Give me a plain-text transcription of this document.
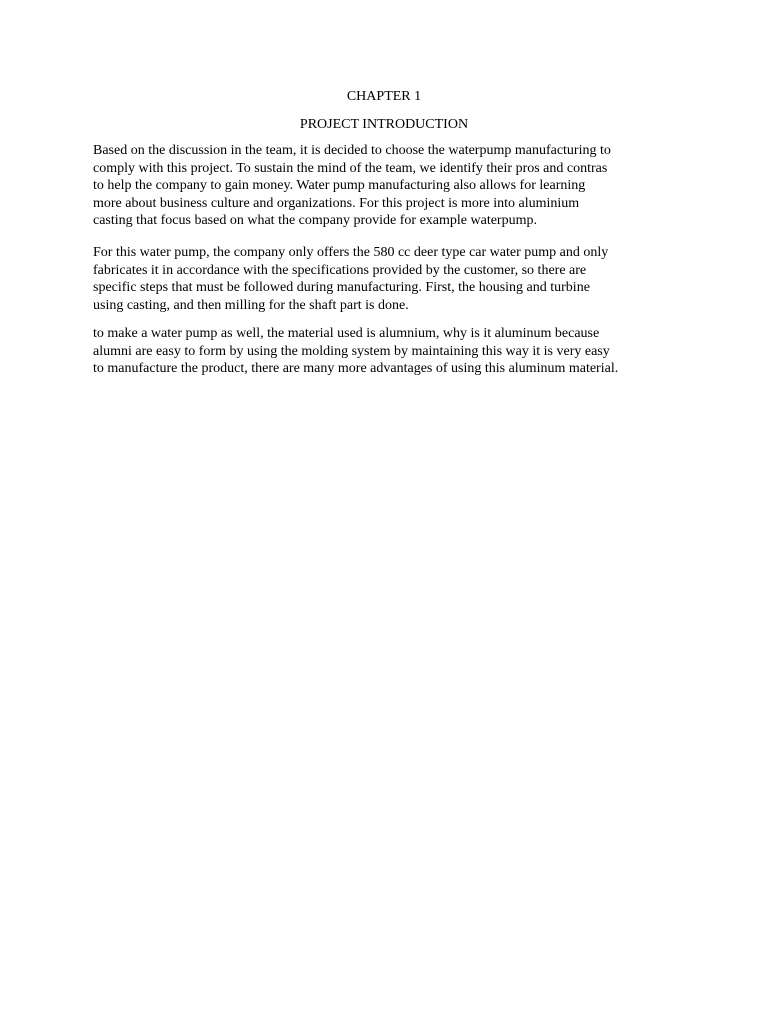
CHAPTER 1
PROJECT INTRODUCTION
Based on the discussion in the team, it is decided to choose the waterpump manufacturing to
comply with this project. To sustain the mind of the team, we identify their pros and contras
to help the company to gain money. Water pump manufacturing also allows for learning
more about business culture and organizations. For this project is more into aluminium
casting that focus based on what the company provide for example waterpump.
For this water pump, the company only offers the 580 cc deer type car water pump and only
fabricates it in accordance with the specifications provided by the customer, so there are
specific steps that must be followed during manufacturing. First, the housing and turbine
using casting, and then milling for the shaft part is done.
to make a water pump as well, the material used is alumnium, why is it aluminum because
alumni are easy to form by using the molding system by maintaining this way it is very easy
to manufacture the product, there are many more advantages of using this aluminum material.
